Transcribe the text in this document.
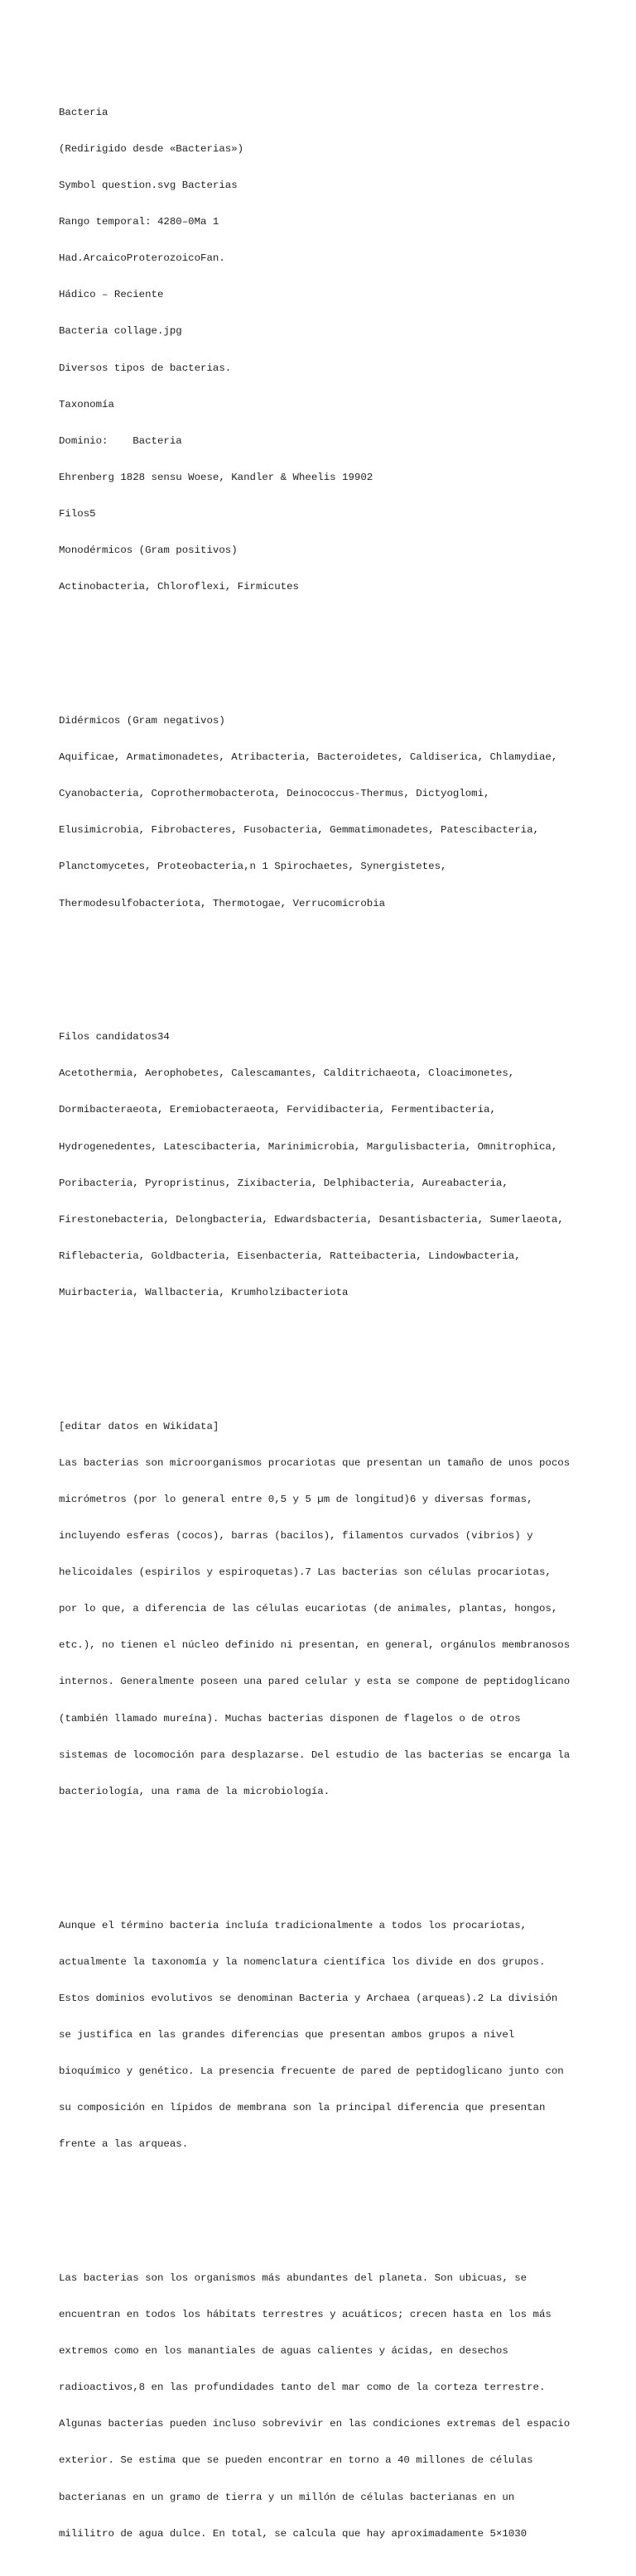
Bacteria

(Redirigido desde «Bacterias»)

Symbol question.svg Bacterias

Rango temporal: 4280–0Ma 1

Had.ArcaicoProterozoicoFan.

Hádico – Reciente

Bacteria collage.jpg

Diversos tipos de bacterias.

Taxonomía

Dominio:    Bacteria

Ehrenberg 1828 sensu Woese, Kandler & Wheelis 19902

Filos5

Monodérmicos (Gram positivos)

Actinobacteria, Chloroflexi, Firmicutes

Didérmicos (Gram negativos)

Aquificae, Armatimonadetes, Atribacteria, Bacteroidetes, Caldiserica, Chlamydiae,

Cyanobacteria, Coprothermobacterota, Deinococcus-Thermus, Dictyoglomi,

Elusimicrobia, Fibrobacteres, Fusobacteria, Gemmatimonadetes, Patescibacteria,

Planctomycetes, Proteobacteria,n 1 Spirochaetes, Synergistetes,

Thermodesulfobacteriota, Thermotogae, Verrucomicrobia

Filos candidatos34

Acetothermia, Aerophobetes, Calescamantes, Calditrichaeota, Cloacimonetes,

Dormibacteraeota, Eremiobacteraeota, Fervidibacteria, Fermentibacteria,

Hydrogenedentes, Latescibacteria, Marinimicrobia, Margulisbacteria, Omnitrophica,

Poribacteria, Pyropristinus, Zixibacteria, Delphibacteria, Aureabacteria,

Firestonebacteria, Delongbacteria, Edwardsbacteria, Desantisbacteria, Sumerlaeota,

Riflebacteria, Goldbacteria, Eisenbacteria, Ratteibacteria, Lindowbacteria,

Muirbacteria, Wallbacteria, Krumholzibacteriota

[editar datos en Wikidata]

Las bacterias son microorganismos procariotas que presentan un tamaño de unos pocos

micrómetros (por lo general entre 0,5 y 5 µm de longitud)6 y diversas formas,

incluyendo esferas (cocos), barras (bacilos), filamentos curvados (vibrios) y

helicoidales (espirilos y espiroquetas).7 Las bacterias son células procariotas,

por lo que, a diferencia de las células eucariotas (de animales, plantas, hongos,

etc.), no tienen el núcleo definido ni presentan, en general, orgánulos membranosos

internos. Generalmente poseen una pared celular y esta se compone de peptidoglicano

(también llamado mureína). Muchas bacterias disponen de flagelos o de otros

sistemas de locomoción para desplazarse. Del estudio de las bacterias se encarga la

bacteriología, una rama de la microbiología.

Aunque el término bacteria incluía tradicionalmente a todos los procariotas,

actualmente la taxonomía y la nomenclatura científica los divide en dos grupos.

Estos dominios evolutivos se denominan Bacteria y Archaea (arqueas).2 La división

se justifica en las grandes diferencias que presentan ambos grupos a nivel

bioquímico y genético. La presencia frecuente de pared de peptidoglicano junto con

su composición en lípidos de membrana son la principal diferencia que presentan

frente a las arqueas.

Las bacterias son los organismos más abundantes del planeta. Son ubicuas, se

encuentran en todos los hábitats terrestres y acuáticos; crecen hasta en los más

extremos como en los manantiales de aguas calientes y ácidas, en desechos

radioactivos,8 en las profundidades tanto del mar como de la corteza terrestre.

Algunas bacterias pueden incluso sobrevivir en las condiciones extremas del espacio

exterior. Se estima que se pueden encontrar en torno a 40 millones de células

bacterianas en un gramo de tierra y un millón de células bacterianas en un

mililitro de agua dulce. En total, se calcula que hay aproximadamente 5×1030
